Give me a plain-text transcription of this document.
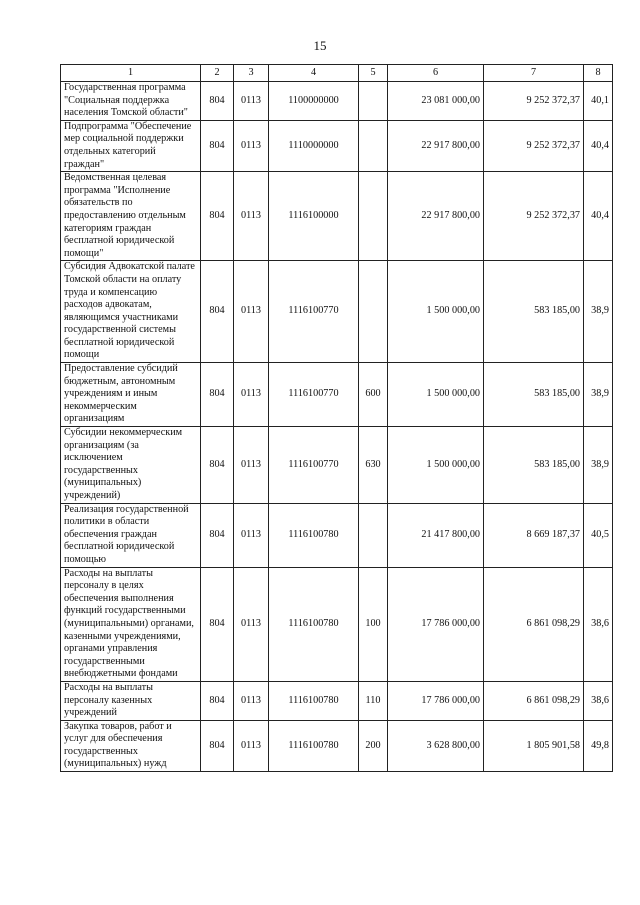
15
1	2	3	4	5	6	7	8
Государственная программа "Социальная поддержка населения Томской области"	804	0113	1100000000		23 081 000,00	9 252 372,37	40,1
Подпрограмма "Обеспечение мер социальной поддержки отдельных категорий граждан"	804	0113	1110000000		22 917 800,00	9 252 372,37	40,4
Ведомственная целевая программа "Исполнение обязательств по предоставлению отдельным категориям граждан бесплатной юридической помощи"	804	0113	1116100000		22 917 800,00	9 252 372,37	40,4
Субсидия Адвокатской палате Томской области на оплату труда и компенсацию расходов адвокатам, являющимся участниками государственной системы бесплатной юридической помощи	804	0113	1116100770		1 500 000,00	583 185,00	38,9
Предоставление субсидий бюджетным, автономным учреждениям и иным некоммерческим организациям	804	0113	1116100770	600	1 500 000,00	583 185,00	38,9
Субсидии некоммерческим организациям (за исключением государственных (муниципальных) учреждений)	804	0113	1116100770	630	1 500 000,00	583 185,00	38,9
Реализация государственной политики в области обеспечения граждан бесплатной юридической помощью	804	0113	1116100780		21 417 800,00	8 669 187,37	40,5
Расходы на выплаты персоналу в целях обеспечения выполнения функций государственными (муниципальными) органами, казенными учреждениями, органами управления государственными внебюджетными фондами	804	0113	1116100780	100	17 786 000,00	6 861 098,29	38,6
Расходы на выплаты персоналу казенных учреждений	804	0113	1116100780	110	17 786 000,00	6 861 098,29	38,6
Закупка товаров, работ и услуг для обеспечения государственных (муниципальных) нужд	804	0113	1116100780	200	3 628 800,00	1 805 901,58	49,8
